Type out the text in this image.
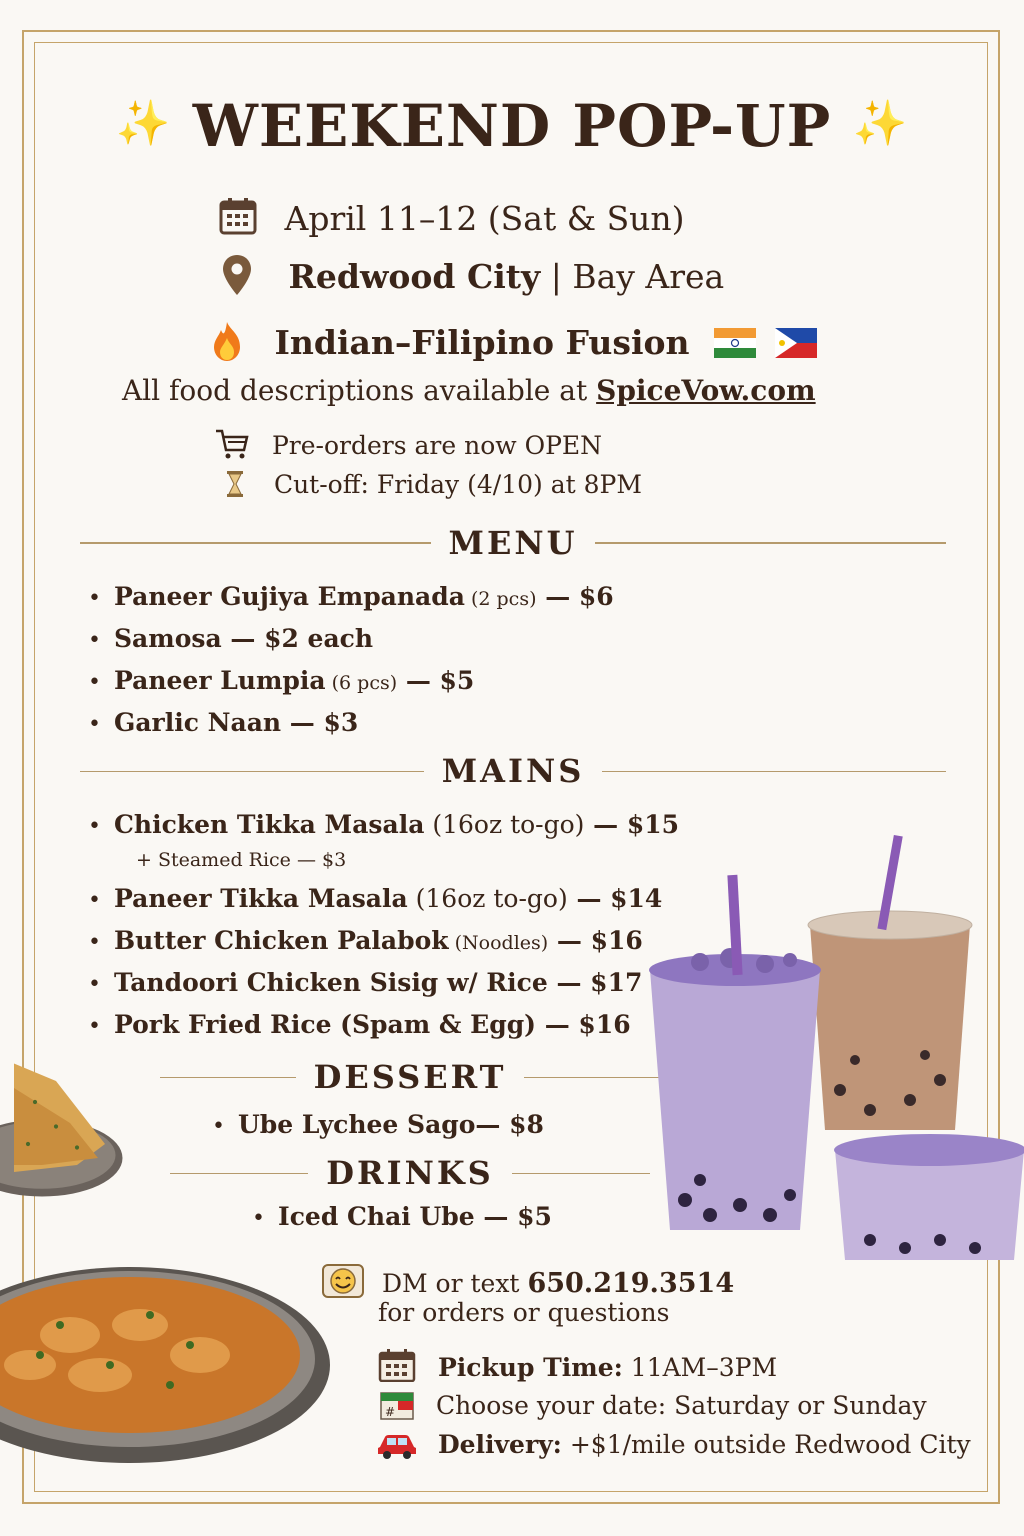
✨ WEEKEND POP-UP ✨
April 11–12 (Sat & Sun)
Redwood City | Bay Area
Indian–Filipino Fusion
All food descriptions available at SpiceVow.com
Pre-orders are now OPEN
Cut-off: Friday (4/10) at 8PM
MENU
• Paneer Gujiya Empanada (2 pcs) — $6
• Samosa — $2 each
• Paneer Lumpia (6 pcs) — $5
• Garlic Naan — $3
MAINS
• Chicken Tikka Masala (16oz to-go) — $15
+ Steamed Rice — $3
• Paneer Tikka Masala (16oz to-go) — $14
• Butter Chicken Palabok (Noodles) — $16
• Tandoori Chicken Sisig w/ Rice — $17
• Pork Fried Rice (Spam & Egg) — $16
DESSERT
• Ube Lychee Sago— $8
DRINKS
• Iced Chai Ube — $5
DM or text 650.219.3514
for orders or questions
Pickup Time: 11AM–3PM
# Choose your date: Saturday or Sunday
Delivery: +$1/mile outside Redwood City
